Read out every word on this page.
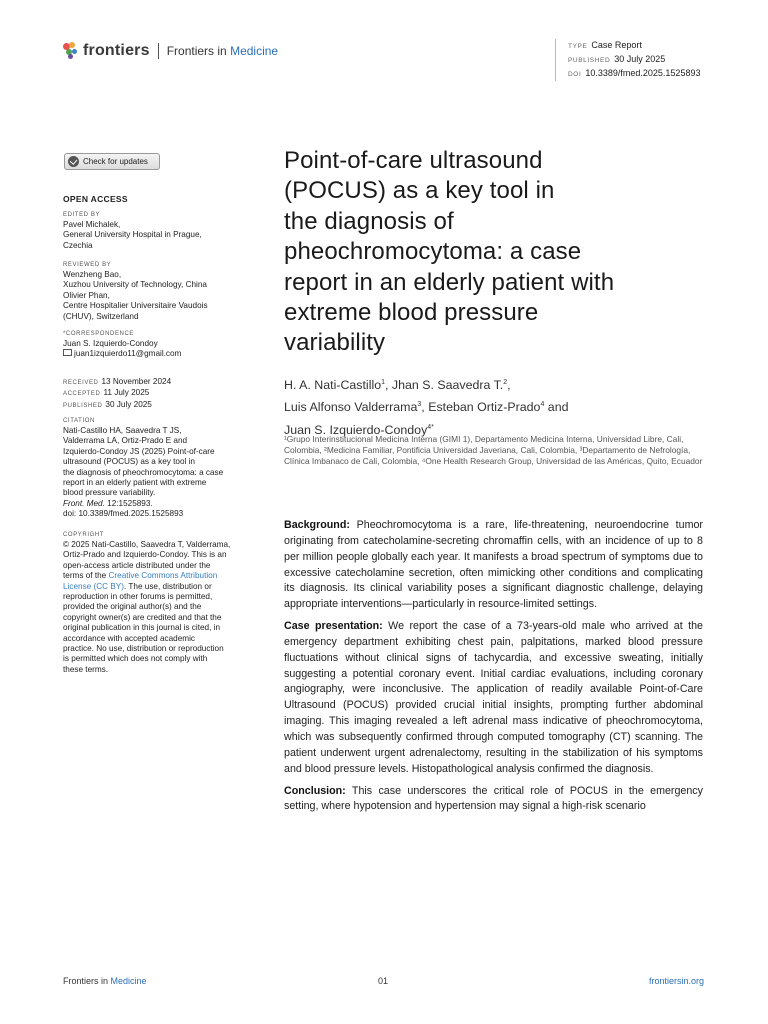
frontiers Frontiers in Medicine	TYPE Case Report
PUBLISHED 30 July 2025
DOI 10.3389/fmed.2025.1525893
Check for updates
OPEN ACCESS
EDITED BY
Pavel Michalek,
General University Hospital in Prague,
Czechia
REVIEWED BY
Wenzheng Bao,
Xuzhou University of Technology, China
Olivier Phan,
Centre Hospitalier Universitaire Vaudois
(CHUV), Switzerland
*CORRESPONDENCE
Juan S. Izquierdo-Condoy
juan1izquierdo11@gmail.com
RECEIVED 13 November 2024
ACCEPTED 11 July 2025
PUBLISHED 30 July 2025
CITATION
Nati-Castillo HA, Saavedra T JS,
Valderrama LA, Ortiz-Prado E and
Izquierdo-Condoy JS (2025) Point-of-care
ultrasound (POCUS) as a key tool in
the diagnosis of pheochromocytoma: a case
report in an elderly patient with extreme
blood pressure variability.
Front. Med. 12:1525893.
doi: 10.3389/fmed.2025.1525893
COPYRIGHT
© 2025 Nati-Castillo, Saavedra T, Valderrama,
Ortiz-Prado and Izquierdo-Condoy. This is an
open-access article distributed under the
terms of the Creative Commons Attribution
License (CC BY). The use, distribution or
reproduction in other forums is permitted,
provided the original author(s) and the
copyright owner(s) are credited and that the
original publication in this journal is cited, in
accordance with accepted academic
practice. No use, distribution or reproduction
is permitted which does not comply with
these terms.
Point-of-care ultrasound
(POCUS) as a key tool in
the diagnosis of
pheochromocytoma: a case
report in an elderly patient with
extreme blood pressure
variability
H. A. Nati-Castillo$^1$, Jhan S. Saavedra T.$^2$,
Luis Alfonso Valderrama$^3$, Esteban Ortiz-Prado$^4$ and
Juan S. Izquierdo-Condoy$^{4*}$
¹Grupo Interinstitucional Medicina Interna (GIMI 1), Departamento Medicina Interna, Universidad Libre, Cali, Colombia, ²Medicina Familiar, Pontificia Universidad Javeriana, Cali, Colombia, ³Departamento de Nefrología, Clínica Imbanaco de Cali, Colombia, ⁴One Health Research Group, Universidad de las Américas, Quito, Ecuador

Background: Pheochromocytoma is a rare, life-threatening, neuroendocrine tumor originating from catecholamine-secreting chromaffin cells, with an incidence of up to 8 per million people globally each year. It manifests a broad spectrum of symptoms due to excessive catecholamine secretion, often mimicking other conditions and complicating its diagnosis. Its clinical variability poses a significant diagnostic challenge, delaying appropriate interventions—particularly in resource-limited settings.

Case presentation: We report the case of a 73-years-old male who arrived at the emergency department exhibiting chest pain, palpitations, marked blood pressure fluctuations without clinical signs of tachycardia, and excessive sweating, initially suggesting a potential coronary event. Initial cardiac evaluations, including coronary angiography, were inconclusive. The application of readily available Point-of-Care Ultrasound (POCUS) provided crucial initial insights, prompting further abdominal imaging. This imaging revealed a left adrenal mass indicative of pheochromocytoma, which was subsequently confirmed through computed tomography (CT) scanning. The patient underwent urgent adrenalectomy, resulting in the stabilization of his symptoms and blood pressure levels. Histopathological analysis confirmed the diagnosis.

Conclusion: This case underscores the critical role of POCUS in the emergency setting, where hypotension and hypertension may signal a high-risk scenario

Frontiers in Medicine	01	frontiersin.org
